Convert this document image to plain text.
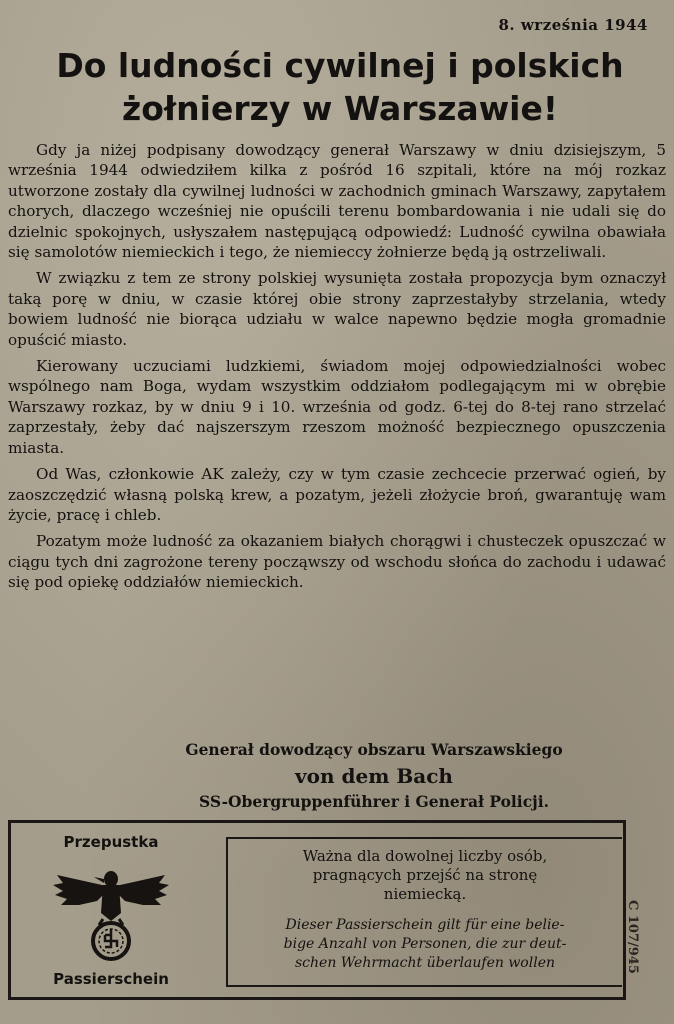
8. września 1944
Do ludności cywilnej i polskich
żołnierzy w Warszawie!

Gdy ja niżej podpisany dowodzący generał Warszawy w dniu dzisiejszym, 5 września 1944 odwiedziłem kilka z pośród 16 szpitali, które na mój rozkaz utworzone zostały dla cywilnej ludności w zachodnich gminach Warszawy, zapytałem chorych, dlaczego wcześniej nie opuścili terenu bombardowania i nie udali się do dzielnic spokojnych, usłyszałem następującą odpowiedź: Ludność cywilna obawiała się samolotów niemieckich i tego, że niemieccy żołnierze będą ją ostrzeliwali.

W związku z tem ze strony polskiej wysunięta została propozycja bym oznaczył taką porę w dniu, w czasie której obie strony zaprzestałyby strzelania, wtedy bowiem ludność nie biorąca udziału w walce napewno będzie mogła gromadnie opuścić miasto.

Kierowany uczuciami ludzkiemi, świadom mojej odpowiedzialności wobec wspólnego nam Boga, wydam wszystkim oddziałom podlegającym mi w obrębie Warszawy rozkaz, by w dniu 9 i 10. września od godz. 6-tej do 8-tej rano strzelać zaprzestały, żeby dać najszerszym rzeszom możność bezpiecznego opuszczenia miasta.

Od Was, członkowie AK zależy, czy w tym czasie zechcecie przerwać ogień, by zaoszczędzić własną polską krew, a pozatym, jeżeli złożycie broń, gwarantuję wam życie, pracę i chleb.

Pozatym może ludność za okazaniem białych chorągwi i chusteczek opuszczać w ciągu tych dni zagrożone tereny począwszy od wschodu słońca do zachodu i udawać się pod opiekę oddziałów niemieckich.

Generał dowodzący obszaru Warszawskiego
von dem Bach
SS-Obergruppenführer i Generał Policji.
Przepustka
Passierschein
Ważna dla dowolnej liczby osób,
pragnących przejść na stronę
niemiecką.
Dieser Passierschein gilt für eine belie-
bige Anzahl von Personen, die zur deut-
schen Wehrmacht überlaufen wollen	C 107/945
